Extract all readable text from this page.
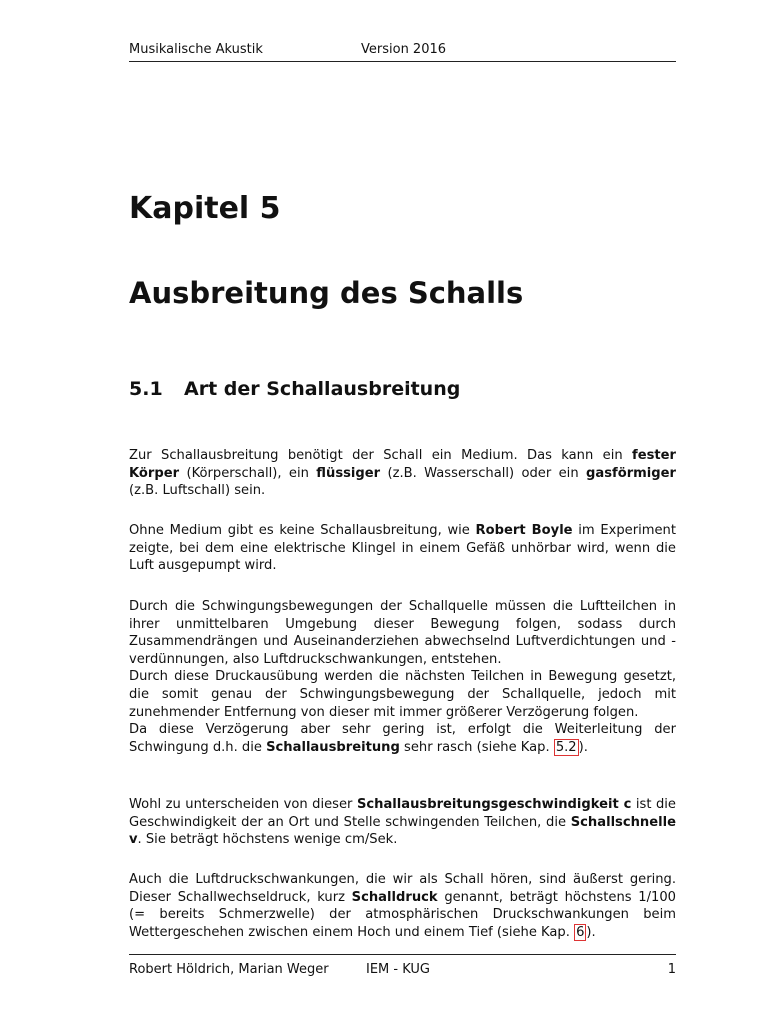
Musikalische Akustik	Version 2016
Kapitel 5
Ausbreitung des Schalls
5.1 Art der Schallausbreitung

Zur Schallausbreitung benötigt der Schall ein Medium. Das kann ein fester Körper (Körperschall), ein flüssiger (z.B. Wasserschall) oder ein gasförmiger (z.B. Luftschall) sein.

Ohne Medium gibt es keine Schallausbreitung, wie Robert Boyle im Experiment zeigte, bei dem eine elektrische Klingel in einem Gefäß unhörbar wird, wenn die Luft ausgepumpt wird.

Durch die Schwingungsbewegungen der Schallquelle müssen die Luftteilchen in ihrer unmittelbaren Umgebung dieser Bewegung folgen, sodass durch Zusammendrängen und Auseinanderziehen abwechselnd Luftverdichtungen und -verdünnungen, also Luftdruckschwankungen, entstehen.

Durch diese Druckausübung werden die nächsten Teilchen in Bewegung gesetzt, die somit genau der Schwingungsbewegung der Schallquelle, jedoch mit zunehmender Entfernung von dieser mit immer größerer Verzögerung folgen.

Da diese Verzögerung aber sehr gering ist, erfolgt die Weiterleitung der Schwingung d.h. die Schallausbreitung sehr rasch (siehe Kap. 5.2 ).

Wohl zu unterscheiden von dieser Schallausbreitungsgeschwindigkeit c ist die Geschwindigkeit der an Ort und Stelle schwingenden Teilchen, die Schallschnelle v. Sie beträgt höchstens wenige cm/Sek.

Auch die Luftdruckschwankungen, die wir als Schall hören, sind äußerst gering. Dieser Schallwechseldruck, kurz Schalldruck genannt, beträgt höchstens 1/100 (= bereits Schmerzwelle) der atmosphärischen Druckschwankungen beim Wettergeschehen zwischen einem Hoch und einem Tief (siehe Kap. 6 ).

Robert Höldrich, Marian Weger	IEM - KUG	1
